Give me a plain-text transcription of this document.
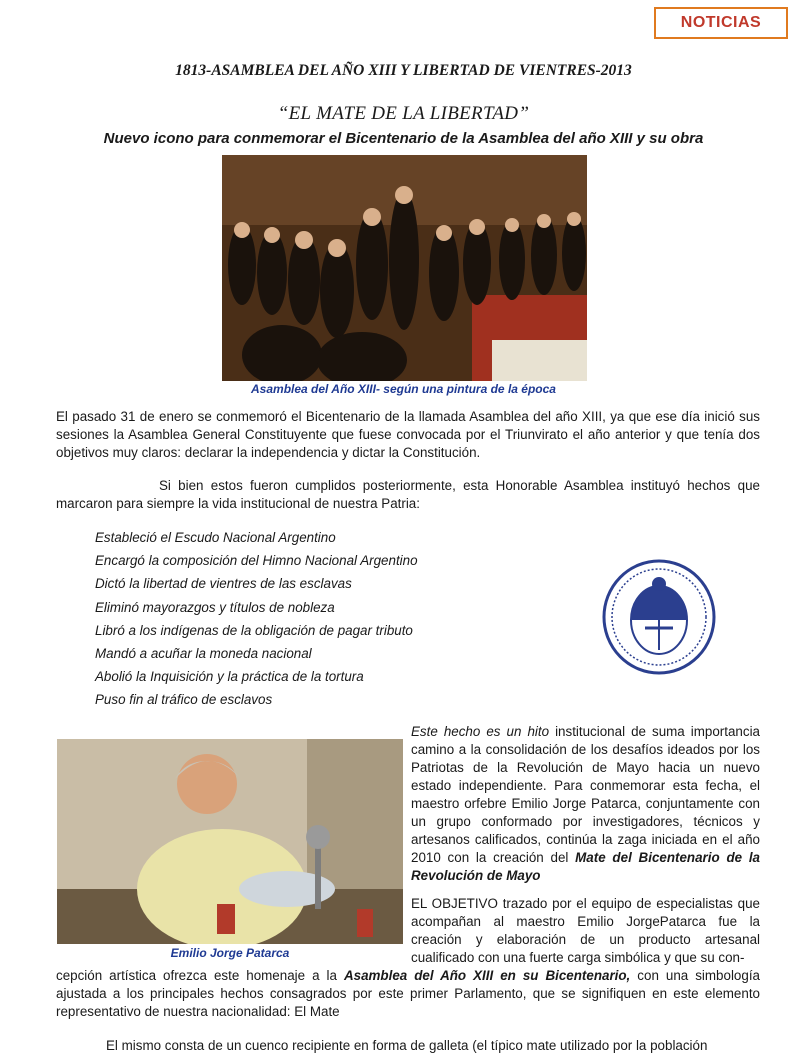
NOTICIAS
1813-ASAMBLEA DEL AÑO XIII Y LIBERTAD DE VIENTRES-2013
“EL MATE DE LA LIBERTAD”
Nuevo icono para conmemorar el Bicentenario de la Asamblea del año XIII y su obra
Asamblea del Año XIII- según una pintura de la época

El pasado 31 de enero se conmemoró el Bicentenario de la llamada Asamblea del año XIII, ya que ese día inició sus sesiones la Asamblea General Constituyente que fuese convocada por el Triunvirato el año anterior y que tenía dos objetivos muy claros: declarar la independencia y dictar la Constitución.

Si bien estos fueron cumplidos posteriormente, esta Honorable Asamblea instituyó hechos que marcaron para siempre la vida institucional de nuestra Patria:

Estableció el Escudo Nacional Argentino
Encargó la composición del Himno Nacional Argentino
Dictó la libertad de vientres de las esclavas
Eliminó mayorazgos y títulos de nobleza
Libró a los indígenas de la obligación de pagar tributo
Mandó a acuñar la moneda nacional
Abolió la Inquisición y la práctica de la tortura
Puso fin al tráfico de esclavos
Emilio Jorge Patarca

Este hecho es un hito institucional de suma importancia camino a la consolidación de los desafíos ideados por los Patriotas de la Revolución de Mayo hacia un nuevo estado independiente. Para conmemorar esta fecha, el maestro orfebre Emilio Jorge Patarca, conjuntamente con un grupo conformado por investigadores, técnicos y artesanos calificados, continúa la zaga iniciada en el año 2010 con la creación del Mate del Bicentenario de la Revolución de Mayo

EL OBJETIVO trazado por el equipo de especialistas que acompañan al maestro Emilio JorgePatarca fue la creación y elaboración de un producto artesanal cualificado con una fuerte carga simbólica y que su con-

cepción artística ofrezca este homenaje a la Asamblea del Año XIII en su Bicentenario, con una simbología ajustada a los principales hechos consagrados por este primer Parlamento, que se signifiquen en este elemento representativo de nuestra nacionalidad: El Mate

El mismo consta de un cuenco recipiente en forma de galleta (el típico mate utilizado por la población
